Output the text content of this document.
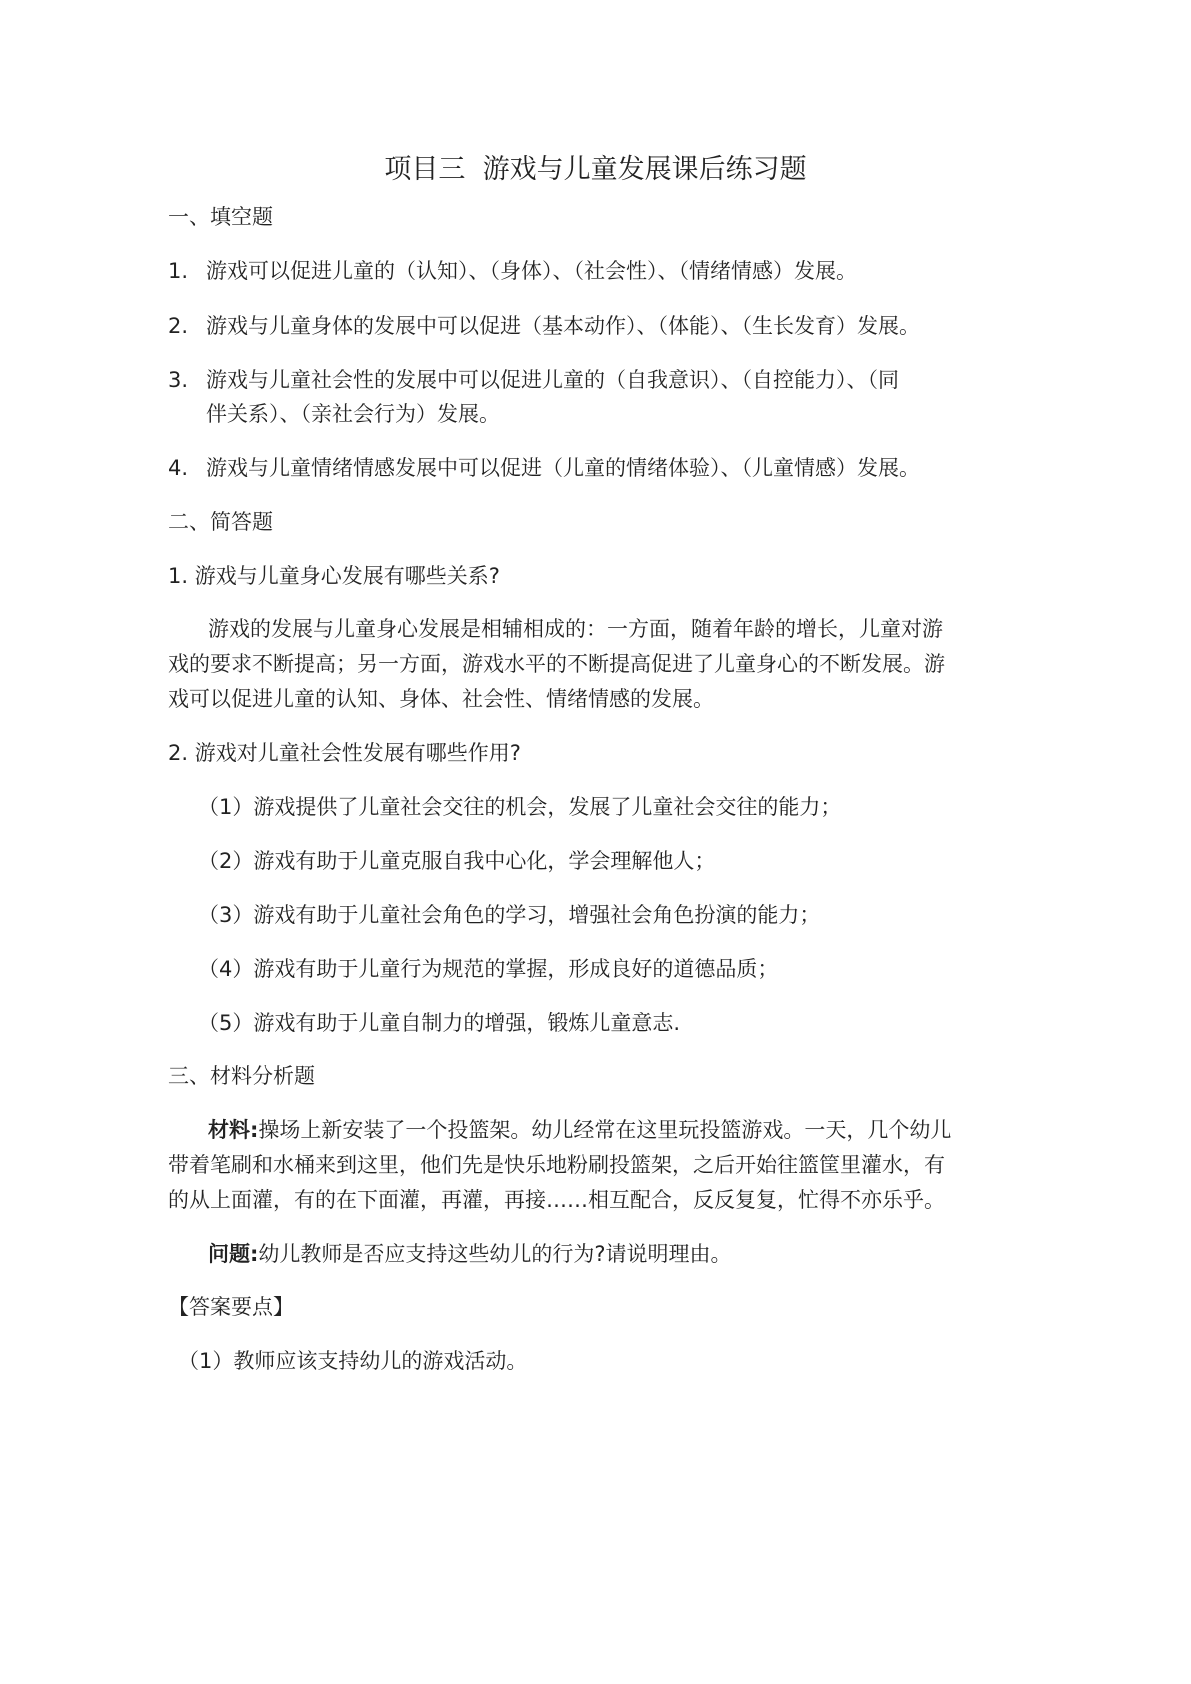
项目三  游戏与儿童发展课后练习题
一、填空题
1. 游戏可以促进儿童的（认知）、（身体）、（社会性）、（情绪情感）发展。
2. 游戏与儿童身体的发展中可以促进（基本动作）、（体能）、（生长发育）发展。
3. 游戏与儿童社会性的发展中可以促进儿童的（自我意识）、（自控能力）、（同
伴关系）、（亲社会行为）发展。
4. 游戏与儿童情绪情感发展中可以促进（儿童的情绪体验）、（儿童情感）发展。
二、简答题
1. 游戏与儿童身心发展有哪些关系?
游戏的发展与儿童身心发展是相辅相成的：一方面，随着年龄的增长，儿童对游
戏的要求不断提高；另一方面，游戏水平的不断提高促进了儿童身心的不断发展。游
戏可以促进儿童的认知、身体、社会性、情绪情感的发展。
2. 游戏对儿童社会性发展有哪些作用?
（1）游戏提供了儿童社会交往的机会，发展了儿童社会交往的能力；
（2）游戏有助于儿童克服自我中心化，学会理解他人；
（3）游戏有助于儿童社会角色的学习，增强社会角色扮演的能力；
（4）游戏有助于儿童行为规范的掌握，形成良好的道德品质；
（5）游戏有助于儿童自制力的增强，锻炼儿童意志.
三、材料分析题
材料:操场上新安装了一个投篮架。幼儿经常在这里玩投篮游戏。一天，几个幼儿
带着笔刷和水桶来到这里，他们先是快乐地粉刷投篮架，之后开始往篮筐里灌水，有
的从上面灌，有的在下面灌，再灌，再接……相互配合，反反复复，忙得不亦乐乎。
问题:幼儿教师是否应支持这些幼儿的行为?请说明理由。
【答案要点】
（1）教师应该支持幼儿的游戏活动。
